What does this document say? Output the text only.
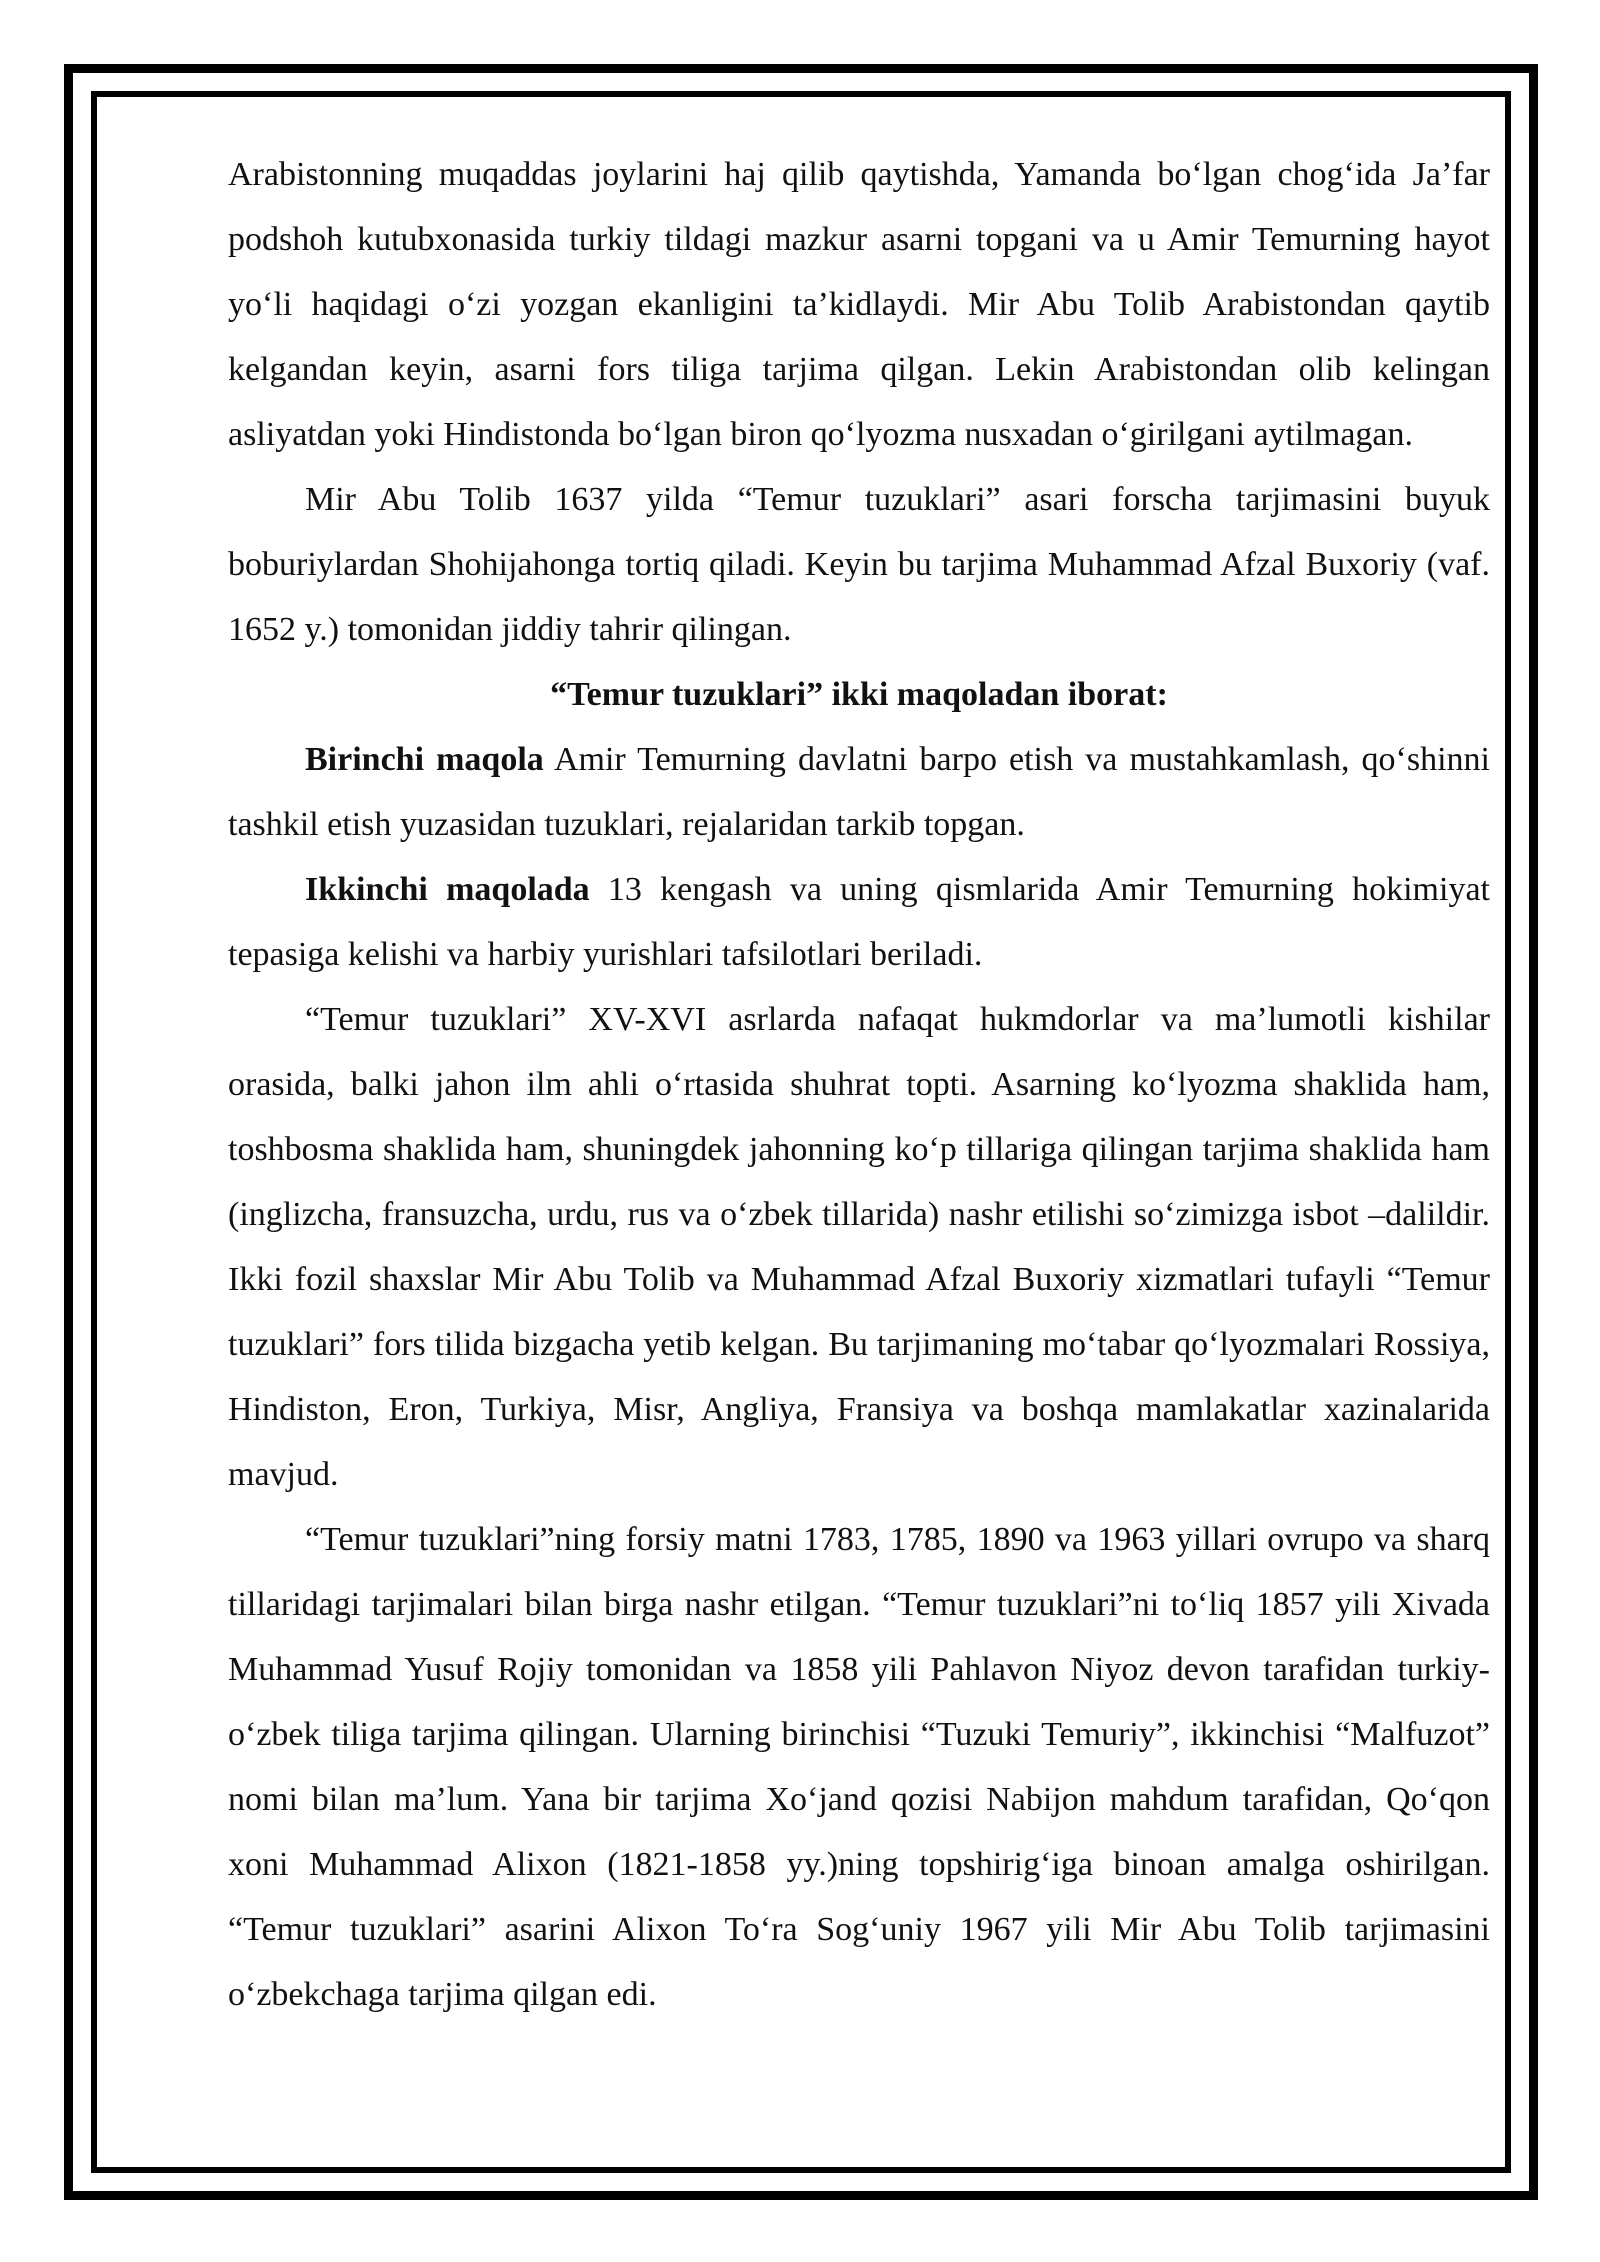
Arabistonning muqaddas joylarini haj qilib qaytishda, Yamanda bo‘lgan chog‘ida Ja’far podshoh kutubxonasida turkiy tildagi mazkur asarni topgani va u Amir Temurning hayot yo‘li haqidagi o‘zi yozgan ekanligini ta’kidlaydi. Mir Abu Tolib Arabistondan qaytib kelgandan keyin, asarni fors tiliga tarjima qilgan. Lekin Arabistondan olib kelingan asliyatdan yoki Hindistonda bo‘lgan biron qo‘lyozma nusxadan o‘girilgani aytilmagan.

Mir Abu Tolib 1637 yilda “Temur tuzuklari” asari forscha tarjimasini buyuk boburiylardan Shohijahonga tortiq qiladi. Keyin bu tarjima Muhammad Afzal Buxoriy (vaf. 1652 y.) tomonidan jiddiy tahrir qilingan.

“Temur tuzuklari” ikki maqoladan iborat:

Birinchi maqola Amir Temurning davlatni barpo etish va mustahkamlash, qo‘shinni tashkil etish yuzasidan tuzuklari, rejalaridan tarkib topgan.

Ikkinchi maqolada 13 kengash va uning qismlarida Amir Temurning hokimiyat tepasiga kelishi va harbiy yurishlari tafsilotlari beriladi.

“Temur tuzuklari” XV-XVI asrlarda nafaqat hukmdorlar va ma’lumotli kishilar orasida, balki jahon ilm ahli o‘rtasida shuhrat topti. Asarning ko‘lyozma shaklida ham, toshbosma shaklida ham, shuningdek jahonning ko‘p tillariga qilingan tarjima shaklida ham (inglizcha, fransuzcha, urdu, rus va o‘zbek tillarida) nashr etilishi so‘zimizga isbot –dalildir. Ikki fozil shaxslar Mir Abu Tolib va Muhammad Afzal Buxoriy xizmatlari tufayli “Temur tuzuklari” fors tilida bizgacha yetib kelgan. Bu tarjimaning mo‘tabar qo‘lyozmalari Rossiya, Hindiston, Eron, Turkiya, Misr, Angliya, Fransiya va boshqa mamlakatlar xazinalarida mavjud.

“Temur tuzuklari”ning forsiy matni 1783, 1785, 1890 va 1963 yillari ovrupo va sharq tillaridagi tarjimalari bilan birga nashr etilgan. “Temur tuzuklari”ni to‘liq 1857 yili Xivada Muhammad Yusuf Rojiy tomonidan va 1858 yili Pahlavon Niyoz devon tarafidan turkiy-o‘zbek tiliga tarjima qilingan. Ularning birinchisi “Tuzuki Temuriy”, ikkinchisi “Malfuzot” nomi bilan ma’lum. Yana bir tarjima Xo‘jand qozisi Nabijon mahdum tarafidan, Qo‘qon xoni Muhammad Alixon (1821-1858 yy.)ning topshirig‘iga binoan amalga oshirilgan. “Temur tuzuklari” asarini Alixon To‘ra Sog‘uniy 1967 yili Mir Abu Tolib tarjimasini o‘zbekchaga tarjima qilgan edi.
